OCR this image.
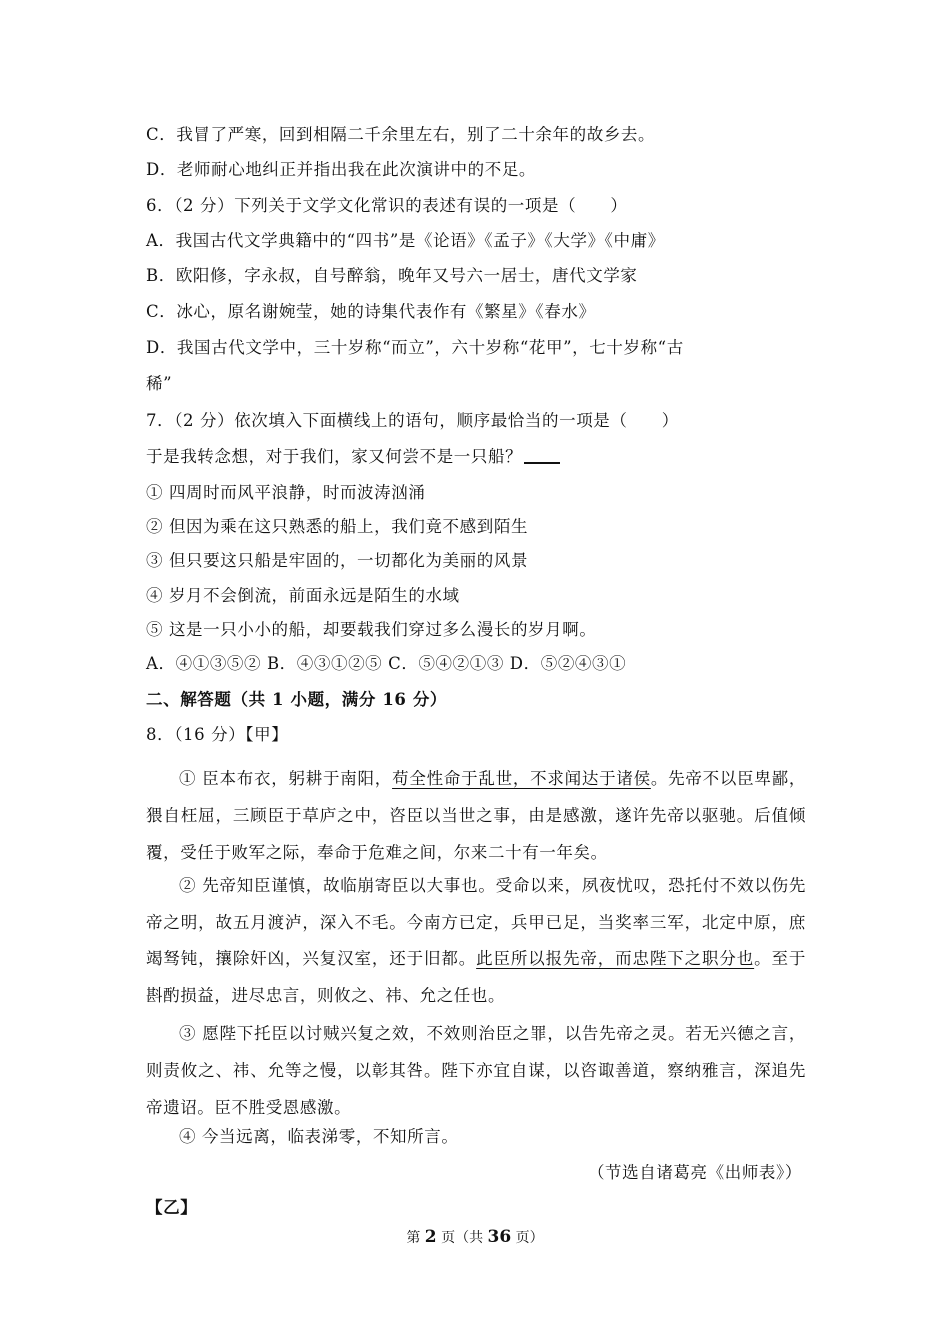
C．我冒了严寒，回到相隔二千余里左右，别了二十余年的故乡去。
D．老师耐心地纠正并指出我在此次演讲中的不足。
6．（2 分）下列关于文学文化常识的表述有误的一项是（　　）
A．我国古代文学典籍中的“四书”是《论语》《孟子》《大学》《中庸》
B．欧阳修，字永叔，自号醉翁，晚年又号六一居士，唐代文学家
C．冰心，原名谢婉莹，她的诗集代表作有《繁星》《春水》
D．我国古代文学中，三十岁称“而立”，六十岁称“花甲”，七十岁称“古
稀”
7．（2 分）依次填入下面横线上的语句，顺序最恰当的一项是（　　）
于是我转念想，对于我们，家又何尝不是一只船？
① 四周时而风平浪静，时而波涛汹涌
② 但因为乘在这只熟悉的船上，我们竟不感到陌生
③ 但只要这只船是牢固的，一切都化为美丽的风景
④ 岁月不会倒流，前面永远是陌生的水域
⑤ 这是一只小小的船，却要载我们穿过多么漫长的岁月啊。
A．④①③⑤② B．④③①②⑤ C．⑤④②①③ D．⑤②④③①
二、解答题（共 1 小题，满分 16 分）
8．（16 分）【甲】
① 臣本布衣，躬耕于南阳，苟全性命于乱世，不求闻达于诸侯。先帝不以臣卑鄙，猥自枉屈，三顾臣于草庐之中，咨臣以当世之事，由是感激，遂许先帝以驱驰。后值倾覆，受任于败军之际，奉命于危难之间，尔来二十有一年矣。
② 先帝知臣谨慎，故临崩寄臣以大事也。受命以来，夙夜忧叹，恐托付不效以伤先帝之明，故五月渡泸，深入不毛。今南方已定，兵甲已足，当奖率三军，北定中原，庶竭驽钝，攘除奸凶，兴复汉室，还于旧都。此臣所以报先帝，而忠陛下之职分也。至于斟酌损益，进尽忠言，则攸之、祎、允之任也。
③ 愿陛下托臣以讨贼兴复之效，不效则治臣之罪，以告先帝之灵。若无兴德之言，则责攸之、祎、允等之慢，以彰其咎。陛下亦宜自谋，以咨诹善道，察纳雅言，深追先帝遗诏。臣不胜受恩感激。
④ 今当远离，临表涕零，不知所言。
（节选自诸葛亮《出师表》）
【乙】
第 2 页（共 36 页）
